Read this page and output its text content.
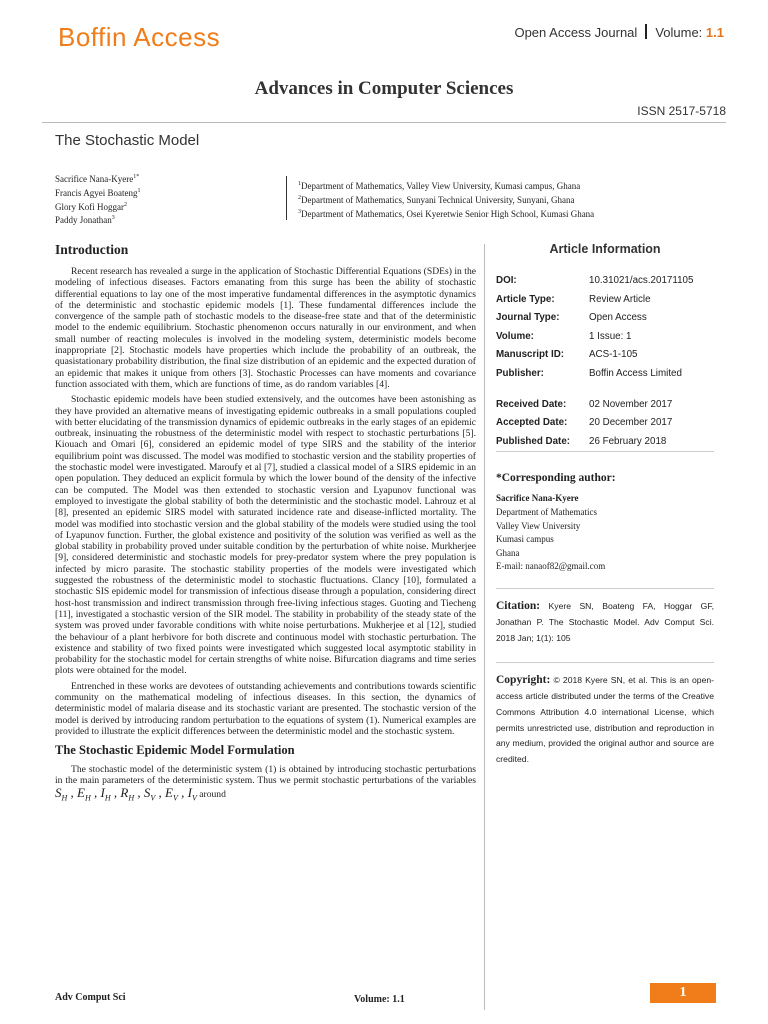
Boffin Access	Open Access Journal Volume: 1.1
Advances in Computer Sciences
ISSN 2517-5718
The Stochastic Model
Sacrifice Nana-Kyere$^{1*}$
Francis Agyei Boateng$^1$
Glory Kofi Hoggar$^2$
Paddy Jonathan$^3$
$^1$Department of Mathematics, Valley View University, Kumasi campus, Ghana
$^2$Department of Mathematics, Sunyani Technical University, Sunyani, Ghana
$^3$Department of Mathematics, Osei Kyeretwie Senior High School, Kumasi Ghana
Introduction

Recent research has revealed a surge in the application of Stochastic Differential Equations (SDEs) in the modeling of infectious diseases. Factors emanating from this surge has been the ability of stochastic differential equations to lay one of the most imperative fundamental differences in the asymptotic dynamics of the deterministic and stochastic epidemic models [1]. These fundamental differences include the convergence of the sample path of stochastic models to the disease-free state and that of the deterministic model to the endemic equilibrium. Stochastic phenomenon occurs naturally in our environment, and when small number of reacting molecules is involved in the modeling system, deterministic models become inappropriate [2]. Stochastic models have properties which include the probability of an outbreak, the quasistationary probability distribution, the final size distribution of an epidemic and the expected duration of an epidemic that makes it unique from others [3]. Stochastic Processes can have moments and covariance function associated with them, which are functions of time, as do random variables [4].

Stochastic epidemic models have been studied extensively, and the outcomes have been astonishing as they have provided an alternative means of investigating epidemic outbreaks in a small populations coupled with better elucidating of the transmission dynamics of epidemic outbreaks in the early stages of an epidemic outbreak, insinuating the robustness of the deterministic model with respect to stochastic perturbations [5]. Kiouach and Omari [6], considered an epidemic model of type SIRS and the stability of the interior equilibrium point was discussed. The model was modified to stochastic version and the stability properties of the stochastic model were investigated. Maroufy et al [7], studied a classical model of a SIRS epidemic in an open population. They deduced an explicit formula by which the lower bound of the density of the infective can be computed. The Model was then extended to stochastic version and Lyapunov functional was employed to investigate the global stability of both the deterministic and the stochastic model. Lahrouz et al [8], presented an epidemic SIRS model with saturated incidence rate and disease-inflicted mortality. The model was modified into stochastic version and the global stability of the models were studied using the tool of Lyapunov function. Further, the global existence and positivity of the solution was verified as well as the global stability in probability proved under suitable condition by the perturbation of white noise. Murkherjee [9], considered deterministic and stochastic models for prey-predator system where the prey population is infected by micro parasite. The stochastic stability properties of the models were investigated which suggested the robustness of the deterministic model to stochastic fluctuations. Clancy [10], formulated a stochastic SIS epidemic model for transmission of infectious disease through a population, considering direct host-host transmission and indirect transmission through free-living infectious stages. Guoting and Tiecheng [11], investigated a stochastic version of the SIR model. The stability in probability of the steady state of the system was proved under favorable conditions with white noise perturbations. Mukherjee et al [12], studied the behaviour of a plant herbivore for both discrete and continuous model with stochastic perturbation. The existence and stability of two fixed points were investigated which suggested local asymptotic stability in probability for the stochastic model for certain strengths of white noise. Bifurcation diagrams and time series plots were obtained for the model.

Entrenched in these works are devotees of outstanding achievements and contributions towards scientific community on the mathematical modeling of infectious diseases. In this section, the dynamics of deterministic model of malaria disease and its stochastic variant are presented. The stochastic version of the model is derived by introducing random perturbation to the equations of system (1). Numerical examples are provided to illustrate the explicit differences between the deterministic model and the stochastic system.

The Stochastic Epidemic Model Formulation

The stochastic model of the deterministic system (1) is obtained by introducing stochastic perturbations in the main parameters of the deterministic system. Thus we permit stochastic perturbations of the variables $S_H$ , $E_H$ , $I_H$ , $R_H$ , $S_V$ , $E_V$ , $I_V$ around

Article Information
DOI:	10.31021/acs.20171105
Article Type:	Review Article
Journal Type:	Open Access
Volume:	1 Issue: 1
Manuscript ID:	ACS-1-105
Publisher:	Boffin Access Limited
Received Date:	02 November 2017
Accepted Date:	20 December 2017
Published Date:	26 February 2018
*Corresponding author:
Sacrifice Nana-Kyere
Department of Mathematics
Valley View University
Kumasi campus
Ghana
E-mail: nanaof82@gmail.com
Citation: Kyere SN, Boateng FA, Hoggar GF, Jonathan P. The Stochastic Model. Adv Comput Sci. 2018 Jan; 1(1): 105
Copyright: © 2018 Kyere SN, et al. This is an open-access article distributed under the terms of the Creative Commons Attribution 4.0 international License, which permits unrestricted use, distribution and reproduction in any medium, provided the original author and source are credited.
Adv Comput Sci	Volume: 1.1	1
